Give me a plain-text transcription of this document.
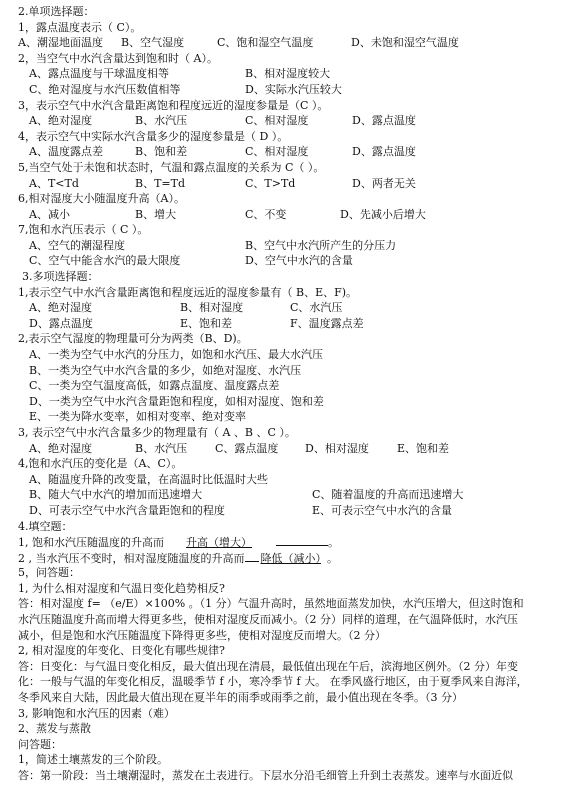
2.单项选择题：
1，露点温度表示（ C）。
A、潮湿地面温度 B、空气湿度	C、饱和湿空气温度	D、未饱和湿空气温度
2，当空气中水汽含量达到饱和时（ A）。
A、露点温度与干球温度相等	B、相对湿度较大
C、绝对湿度与水汽压数值相等	D、实际水汽压较大
3，表示空气中水汽含量距离饱和程度远近的湿度参量是（C ）。
A、绝对湿度	B、水汽压	C、相对湿度	D、露点温度
4，表示空气中实际水汽含量多少的湿度参量是（ D ）。
A、温度露点差	B、饱和差	C、相对湿度	D、露点温度
5,当空气处于未饱和状态时，气温和露点温度的关系为 C（ ）。
A、T<Td	B、T=Td	C、T>Td	D、两者无关
6,相对湿度大小随温度升高（A）。
A、减小	B、增大	C、不变	D、先减小后增大
7,饱和水汽压表示（ C ）。
A、空气的潮湿程度	B、空气中水汽所产生的分压力
C、空气中能含水汽的最大限度	D、空气中水汽的含量
3.多项选择题：
1,表示空气中水汽含量距离饱和程度远近的湿度参量有（ B、E、F)。
A、绝对湿度	B、相对湿度	C、水汽压
D、露点温度	E、饱和差	F、温度露点差
2,表示空气湿度的物理量可分为两类（B、D)。
A、一类为空气中水汽的分压力，如饱和水汽压、最大水汽压
B、一类为空气中水汽含量的多少，如绝对湿度、水汽压
C、一类为空气温度高低，如露点温度、温度露点差
D、一类为空气中水汽含量距饱和程度，如相对湿度、饱和差
E、一类为降水变率，如相对变率、绝对变率
3, 表示空气中水汽含量多少的物理量有（ A 、B 、C ）。
A、绝对湿度	B、水汽压	C、露点温度 D、相对湿度	E、饱和差
4,饱和水汽压的变化是（A、C）。
A、随温度升降的改变量，在高温时比低温时大些
B、随大气中水汽的增加而迅速增大	C、随着温度的升高而迅速增大
D、可表示空气中水汽含量距饱和的程度	E、可表示空气中水汽的含量
4.填空题：
1, 饱和水汽压随温度的升高而 升高（增大）	。
2 , 当水汽压不变时，相对湿度随温度的升高而 降低（减小） 。
5，问答题：
1, 为什么相对湿度和气温日变化趋势相反?
答：相对湿度 f= （e/E）×100% 。（1 分）气温升高时，虽然地面蒸发加快，水汽压增大，但这时饱和
水汽压随温度升高而增大得更多些，使相对湿度反而减小。（2 分）同样的道理，在气温降低时，水汽压
减小，但是饱和水汽压随温度下降得更多些，使相对湿度反而增大。（2 分）
2, 相对湿度的年变化、日变化有哪些规律?
答：日变化：与气温日变化相反，最大值出现在清晨，最低值出现在午后，滨海地区例外。（2 分）年变
化：一般与气温的年变化相反，温暖季节 f 小，寒冷季节 f 大。 在季风盛行地区，由于夏季风来自海洋，
冬季风来自大陆，因此最大值出现在夏半年的雨季或雨季之前，最小值出现在冬季。（3 分）
3, 影响饱和水汽压的因素（难）
2、蒸发与蒸散
问答题：
1，简述土壤蒸发的三个阶段。
答：第一阶段：当土壤潮湿时，蒸发在土表进行。下层水分沿毛细管上升到土表蒸发。速率与水面近似
